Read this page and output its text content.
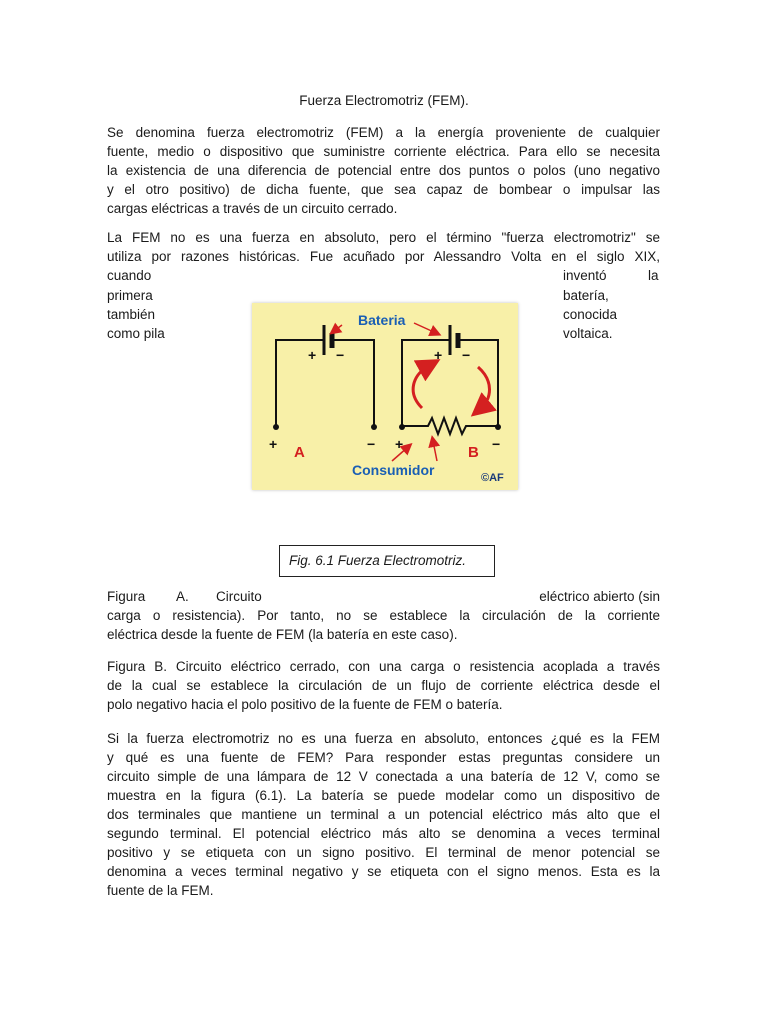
Fuerza Electromotriz (FEM).
Se denomina fuerza electromotriz (FEM) a la energía proveniente de cualquier
fuente, medio o dispositivo que suministre corriente eléctrica. Para ello se necesita
la existencia de una diferencia de potencial entre dos puntos o polos (uno negativo
y el otro positivo) de dicha fuente, que sea capaz de bombear o impulsar las
cargas eléctricas a través de un circuito cerrado.
La FEM no es una fuerza en absoluto, pero el término "fuerza electromotriz" se
utiliza por razones históricas. Fue acuñado por Alessandro Volta en el siglo XIX,
cuando
primera
también
como pila
inventó	la
batería,
conocida
voltaica.
Bateria
Consumidor
A	B
+ −	+ −
+	− +	−
©AF
Fig. 6.1 Fuerza Electromotriz.
Figura A. Circuito	eléctrico abierto (sin
carga o resistencia). Por tanto, no se establece la circulación de la corriente
eléctrica desde la fuente de FEM (la batería en este caso).
Figura B. Circuito eléctrico cerrado, con una carga o resistencia acoplada a través
de la cual se establece la circulación de un flujo de corriente eléctrica desde el
polo negativo hacia el polo positivo de la fuente de FEM o batería.
Si la fuerza electromotriz no es una fuerza en absoluto, entonces ¿qué es la FEM
y qué es una fuente de FEM? Para responder estas preguntas considere un
circuito simple de una lámpara de 12 V conectada a una batería de 12 V, como se
muestra en la figura (6.1). La batería se puede modelar como un dispositivo de
dos terminales que mantiene un terminal a un potencial eléctrico más alto que el
segundo terminal. El potencial eléctrico más alto se denomina a veces terminal
positivo y se etiqueta con un signo positivo. El terminal de menor potencial se
denomina a veces terminal negativo y se etiqueta con el signo menos. Esta es la
fuente de la FEM.
